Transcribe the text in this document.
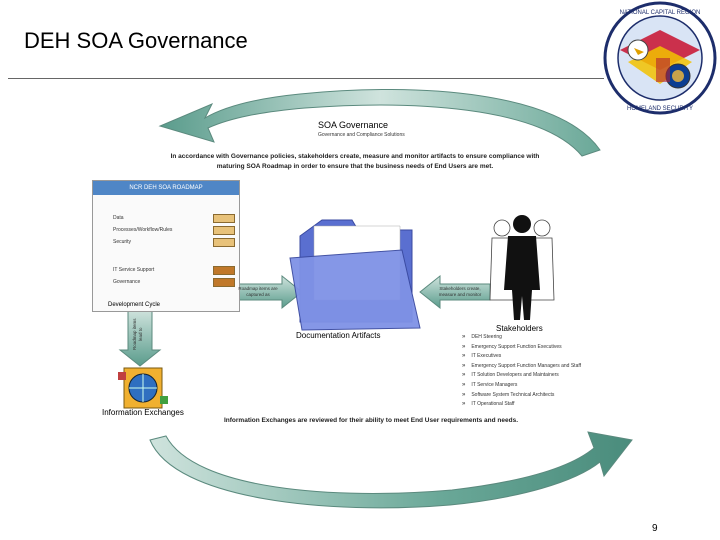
DEH SOA Governance
NATIONAL CAPITAL REGION
HOMELAND SECURITY
SOA Governance
Governance and Compliance Solutions
In accordance with Governance policies, stakeholders create, measure and monitor artifacts to ensure compliance with maturing SOA Roadmap in order to ensure that the business needs of End Users are met.
NCR DEH SOA ROADMAP
Data
Processes/Workflow/Rules
Security
IT Service Support
Governance
Development Cycle
Roadmap items are captured as
Stakeholders create, measure and monitor
Roadmap items lead to	Documentation Artifacts
Stakeholders
» DEH Steering
» Emergency Support Function Executives
» IT Executives
» Emergency Support Function Managers and Staff
» IT Solution Developers and Maintainers
» IT Service Managers
» Software System Technical Architects
» IT Operational Staff
Information Exchanges
Information Exchanges are reviewed for their ability to meet End User requirements and needs.
9
